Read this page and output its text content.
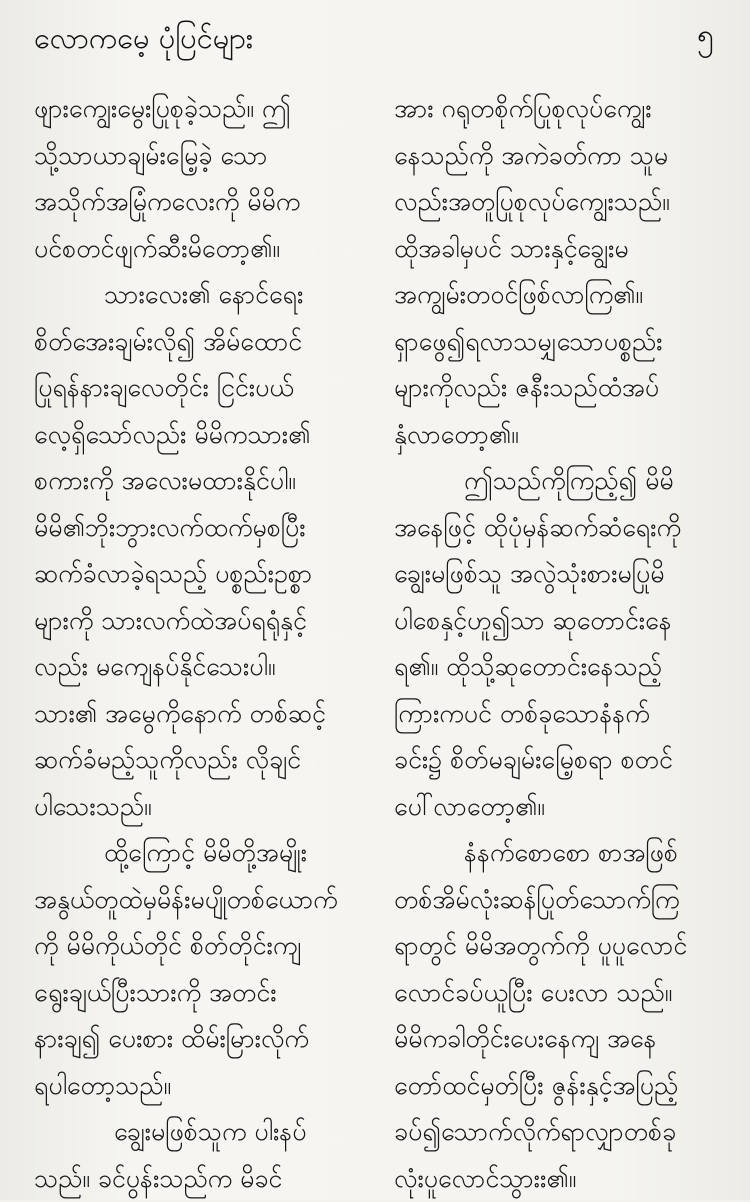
လောကမေ့ ပုံပြင်များ	၅
ဖျားကျွေးမွေးပြုစုခဲ့သည်။ ဤ
သို့သာယာချမ်းမြေ့ခဲ့ သော
အသိုက်အမြုံကလေးကို မိမိက
ပင်စတင်ဖျက်ဆီးမိတော့၏။
သားလေး၏ နောင်ရေး
စိတ်အေးချမ်းလို၍ အိမ်ထောင်
ပြုရန်နားချလေတိုင်း ငြင်းပယ်
လေ့ရှိသော်လည်း မိမိကသား၏
စကားကို အလေးမထားနိုင်ပါ။
မိမိ၏ဘိုးဘွားလက်ထက်မှစပြီး
ဆက်ခံလာခဲ့ရသည့် ပစ္စည်းဥစ္စာ
များကို သားလက်ထဲအပ်ရရုံနှင့်
လည်း မကျေနပ်နိုင်သေးပါ။
သား၏ အမွေကိုနောက် တစ်ဆင့်
ဆက်ခံမည့်သူကိုလည်း လိုချင်
ပါသေးသည်။
ထို့ကြောင့် မိမိတို့အမျိုး
အနွယ်တူထဲမှမိန်းမပျိုတစ်ယောက်
ကို မိမိကိုယ်တိုင် စိတ်တိုင်းကျ
ရွေးချယ်ပြီးသားကို အတင်း
နားချ၍ ပေးစား ထိမ်းမြားလိုက်
ရပါတော့သည်။
ချွေးမဖြစ်သူက ပါးနပ်
သည်။ ခင်ပွန်းသည်က မိခင်
အား ဂရုတစိုက်ပြုစုလုပ်ကျွေး
နေသည်ကို အကဲခတ်ကာ သူမ
လည်းအတူပြုစုလုပ်ကျွေးသည်။
ထိုအခါမှပင် သားနှင့်ချွေးမ
အကျွမ်းတဝင်ဖြစ်လာကြ၏။
ရှာဖွေ၍ရလာသမျှသောပစ္စည်း
များကိုလည်း ဇနီးသည်ထံအပ်
နှံလာတော့၏။
ဤသည်ကိုကြည့်၍ မိမိ
အနေဖြင့် ထိုပုံမှန်ဆက်ဆံရေးကို
ချွေးမဖြစ်သူ အလွဲသုံးစားမပြုမိ
ပါစေနှင့်ဟူ၍သာ ဆုတောင်းနေ
ရ၏။ ထိုသို့ဆုတောင်းနေသည့်
ကြားကပင် တစ်ခုသောနံနက်
ခင်း၌ စိတ်မချမ်းမြေ့စရာ စတင်
ပေါ်လာတော့၏။
နံနက်စောစော စာအဖြစ်
တစ်အိမ်လုံးဆန်ပြုတ်သောက်ကြ
ရာတွင် မိမိအတွက်ကို ပူပူလောင်
လောင်ခပ်ယူပြီး ပေးလာ သည်။
မိမိကခါတိုင်းပေးနေကျ အနေ
တော်ထင်မှတ်ပြီး ဇွန်းနှင့်အပြည့်
ခပ်၍သောက်လိုက်ရာလျှာတစ်ခု
လုံးပူလောင်သွားး၏။
